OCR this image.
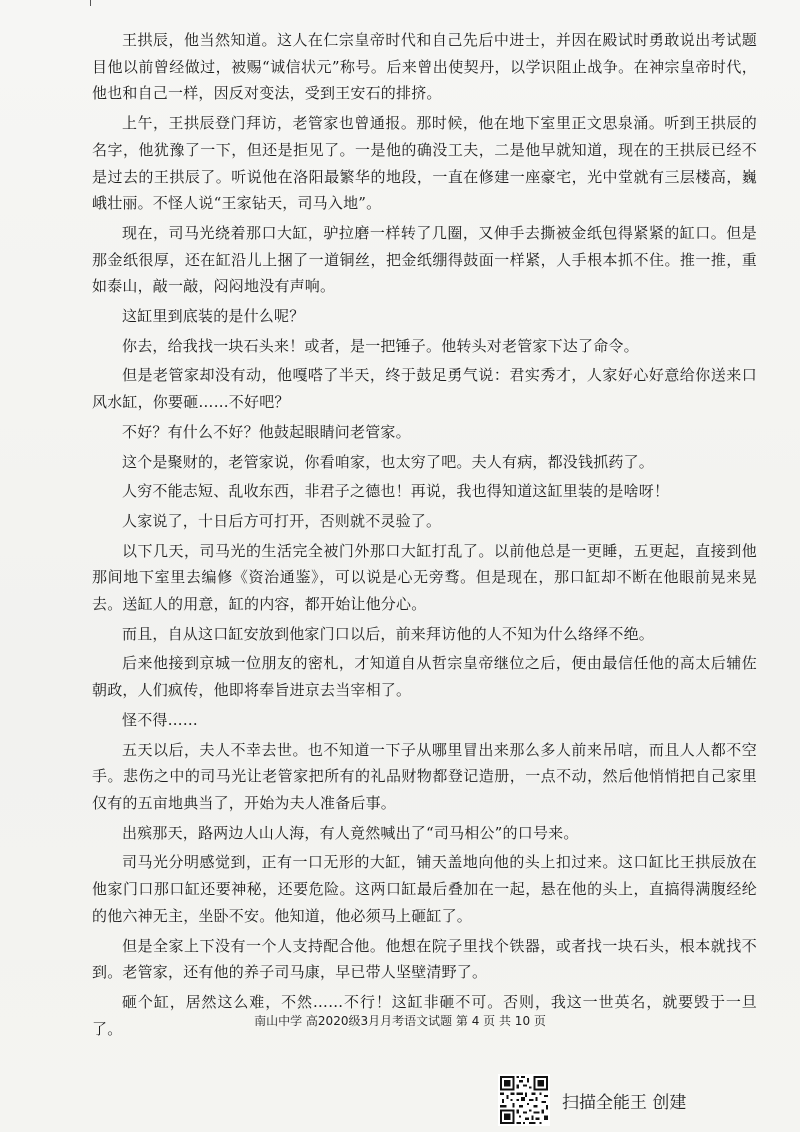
王拱辰，他当然知道。这人在仁宗皇帝时代和自己先后中进士，并因在殿试时勇敢说出考试题目他以前曾经做过，被赐“诚信状元”称号。后来曾出使契丹，以学识阻止战争。在神宗皇帝时代，他也和自己一样，因反对变法，受到王安石的排挤。

上午，王拱辰登门拜访，老管家也曾通报。那时候，他在地下室里正文思泉涌。听到王拱辰的名字，他犹豫了一下，但还是拒见了。一是他的确没工夫，二是他早就知道，现在的王拱辰已经不是过去的王拱辰了。听说他在洛阳最繁华的地段，一直在修建一座豪宅，光中堂就有三层楼高，巍峨壮丽。不怪人说“王家钻天，司马入地”。

现在，司马光绕着那口大缸，驴拉磨一样转了几圈，又伸手去撕被金纸包得紧紧的缸口。但是那金纸很厚，还在缸沿儿上捆了一道铜丝，把金纸绷得鼓面一样紧，人手根本抓不住。推一推，重如泰山，敲一敲，闷闷地没有声响。

这缸里到底装的是什么呢？

你去，给我找一块石头来！或者，是一把锤子。他转头对老管家下达了命令。

但是老管家却没有动，他嘎嗒了半天，终于鼓足勇气说：君实秀才，人家好心好意给你送来口风水缸，你要砸……不好吧？

不好？有什么不好？他鼓起眼睛问老管家。

这个是聚财的，老管家说，你看咱家，也太穷了吧。夫人有病，都没钱抓药了。

人穷不能志短、乱收东西，非君子之德也！再说，我也得知道这缸里装的是啥呀！

人家说了，十日后方可打开，否则就不灵验了。

以下几天，司马光的生活完全被门外那口大缸打乱了。以前他总是一更睡，五更起，直接到他那间地下室里去编修《资治通鉴》，可以说是心无旁骛。但是现在，那口缸却不断在他眼前晃来晃去。送缸人的用意，缸的内容，都开始让他分心。

而且，自从这口缸安放到他家门口以后，前来拜访他的人不知为什么络绎不绝。

后来他接到京城一位朋友的密札，才知道自从哲宗皇帝继位之后，便由最信任他的高太后辅佐朝政，人们疯传，他即将奉旨进京去当宰相了。

怪不得……

五天以后，夫人不幸去世。也不知道一下子从哪里冒出来那么多人前来吊唁，而且人人都不空手。悲伤之中的司马光让老管家把所有的礼品财物都登记造册，一点不动，然后他悄悄把自己家里仅有的五亩地典当了，开始为夫人准备后事。

出殡那天，路两边人山人海，有人竟然喊出了“司马相公”的口号来。

司马光分明感觉到，正有一口无形的大缸，铺天盖地向他的头上扣过来。这口缸比王拱辰放在他家门口那口缸还要神秘，还要危险。这两口缸最后叠加在一起，悬在他的头上，直搞得满腹经纶的他六神无主，坐卧不安。他知道，他必须马上砸缸了。

但是全家上下没有一个人支持配合他。他想在院子里找个铁器，或者找一块石头，根本就找不到。老管家，还有他的养子司马康，早已带人坚壁清野了。

砸个缸，居然这么难，不然……不行！这缸非砸不可。否则，我这一世英名，就要毁于一旦了。	南山中学 高2020级3月月考语文试题 第 4 页 共 10 页
扫描全能王 创建
